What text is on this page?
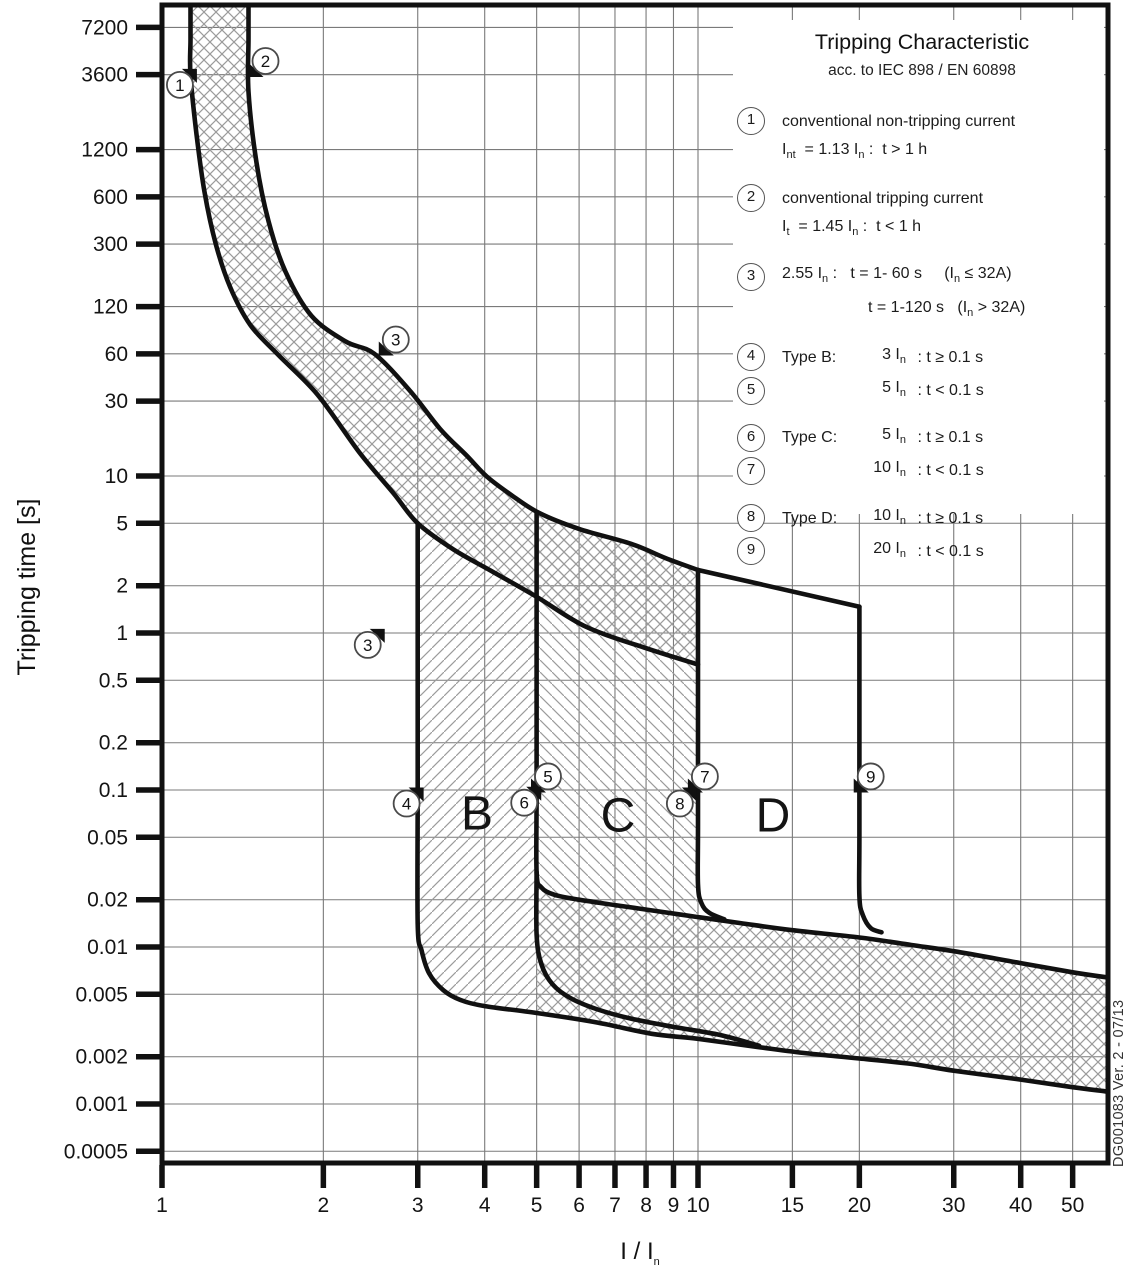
7200
3600
1200
600
300
120
60
30
10
5
2
1
0.5
0.2
0.1
0.05
0.02
0.01
0.005
0.002
0.001
0.0005
1	2	3	4 5 6 7 8 9 10	15 20	30 40 50
B C	D
1
2
3
3
4
5
6
7
8
9
Tripping time [s]
I / $I_n$
DG001083 Ver. 2 - 07/13
Tripping Characteristic
acc. to IEC 898 / EN 60898
1	conventional non-tripping current
$I_{nt} = 1.13$ $I_n$ :  t > 1 h
2	conventional tripping current
$I_t = 1.45$ $I_n$ :  t < 1 h
3	2.55 $I_n$ :   t = 1- 60 s     $(I_n \le 32A)$
t = 1-120 s   $(I_n > 32A)$
4	Type B:	3 $I_n$ : t ≥ 0.1 s
5	5 $I_n$ : t < 0.1 s
6	Type C:	5 $I_n$ : t ≥ 0.1 s
7	10 $I_n$ : t < 0.1 s
8	Type D:	10 $I_n$ : t ≥ 0.1 s
9	20 $I_n$ : t < 0.1 s
